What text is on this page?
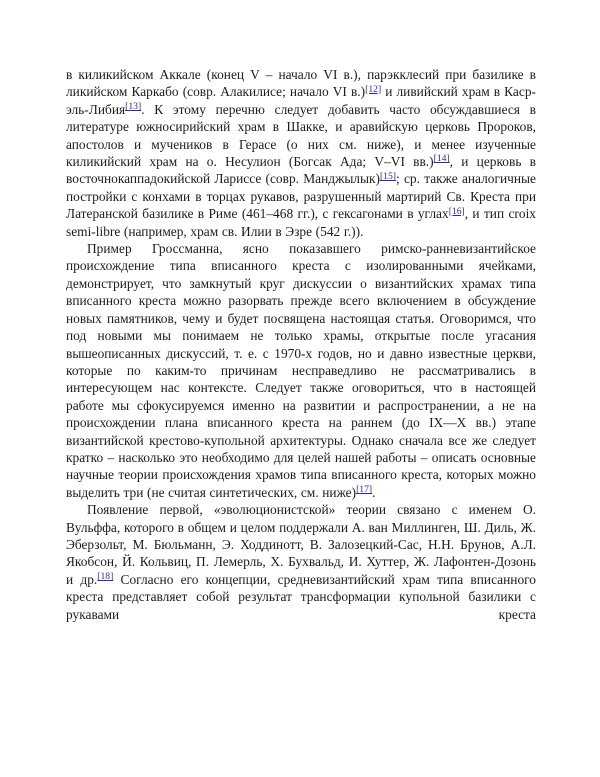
в киликийском Аккале (конец V – начало VI в.), парэкклесий при базилике в ликийском Каркабо (совр. Алакилисе; начало VI в.)[12] и ливийский храм в Каср-эль-Либия[13]. К этому перечню следует добавить часто обсуждавшиеся в литературе южносирийский храм в Шакке, и аравийскую церковь Пророков, апостолов и мучеников в Герасе (о них см. ниже), и менее изученные киликийский храм на о. Несулион (Богсак Ада; V–VI вв.)[14], и церковь в восточнокаппадокийской Лариссе (совр. Манджылык)[15]; ср. также аналогичные постройки с конхами в торцах рукавов, разрушенный мартирий Св. Креста при Латеранской базилике в Риме (461–468 гг.), с гексагонами в углах[16], и тип croix semi-libre (например, храм св. Илии в Эзре (542 г.)).

Пример Гроссманна, ясно показавшего римско-ранневизантийское происхождение типа вписанного креста с изолированными ячейками, демонстрирует, что замкнутый круг дискуссии о византийских храмах типа вписанного креста можно разорвать прежде всего включением в обсуждение новых памятников, чему и будет посвящена настоящая статья. Оговоримся, что под новыми мы понимаем не только храмы, открытые после угасания вышеописанных дискуссий, т. е. с 1970-х годов, но и давно известные церкви, которые по каким-то причинам несправедливо не рассматривались в интересующем нас контексте. Следует также оговориться, что в настоящей работе мы сфокусируемся именно на развитии и распространении, а не на происхождении плана вписанного креста на раннем (до IX—X вв.) этапе византийской крестово-купольной архитектуры. Однако сначала все же следует кратко – насколько это необходимо для целей нашей работы – описать основные научные теории происхождения храмов типа вписанного креста, которых можно выделить три (не считая синтетических, см. ниже)[17].

Появление первой, «эволюционистской» теории связано с именем О. Вульффа, которого в общем и целом поддержали А. ван Миллинген, Ш. Диль, Ж. Эберзольт, М. Бюльманн, Э. Ходдинотт, В. Залозецкий-Сас, Н.Н. Брунов, А.Л. Якобсон, Й. Кольвиц, П. Лемерль, Х. Бухвальд, И. Хуттер, Ж. Лафонтен-Дозонь и др.[18] Согласно его концепции, средневизантийский храм типа вписанного креста представляет собой результат трансформации купольной базилики с рукавами креста
